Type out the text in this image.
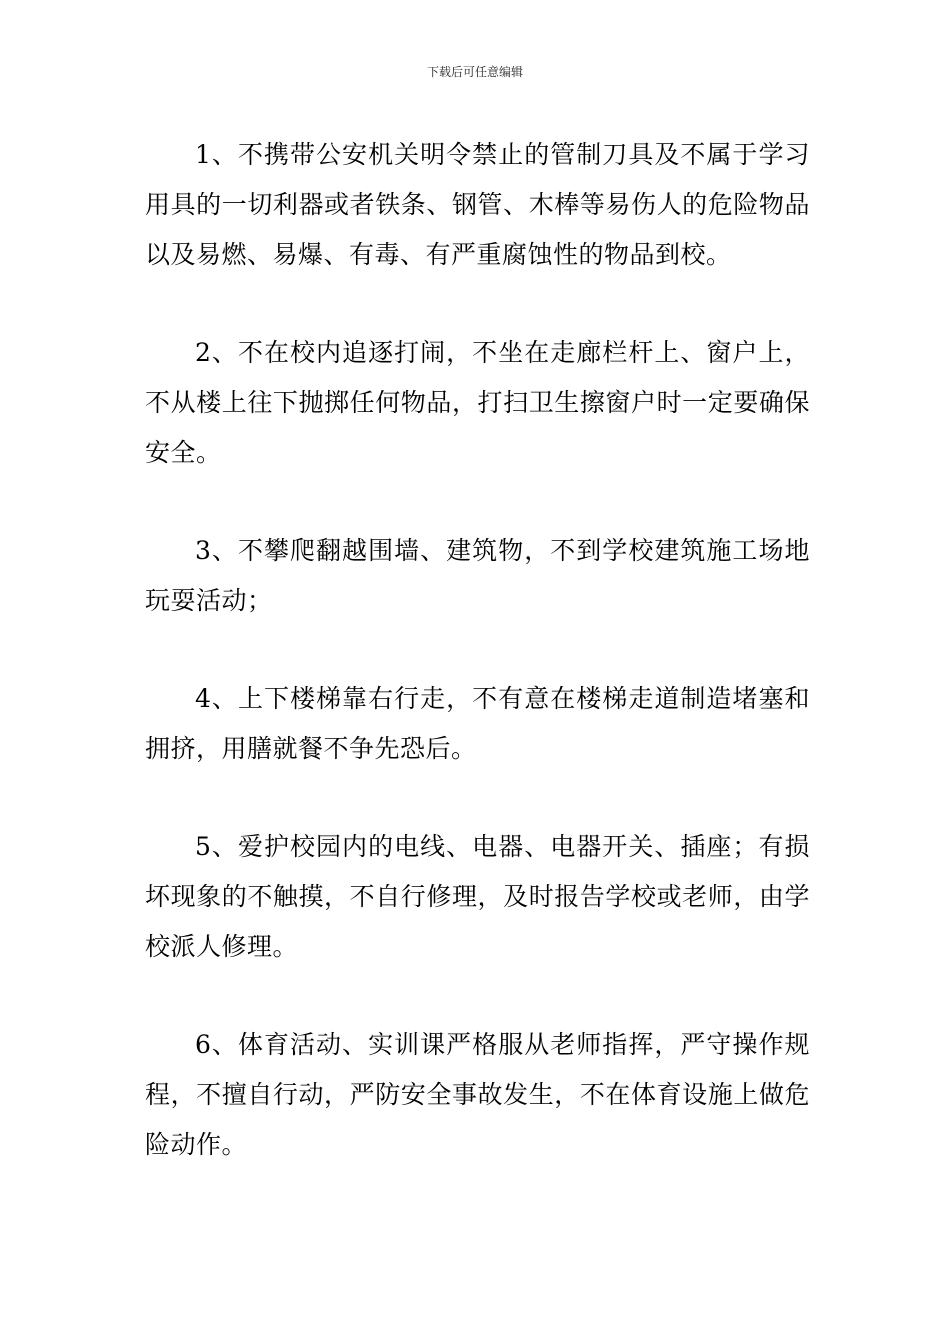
下载后可任意编辑

1、不携带公安机关明令禁止的管制刀具及不属于学习用具的一切利器或者铁条、钢管、木棒等易伤人的危险物品以及易燃、易爆、有毒、有严重腐蚀性的物品到校。

2、不在校内追逐打闹，不坐在走廊栏杆上、窗户上，不从楼上往下抛掷任何物品，打扫卫生擦窗户时一定要确保安全。

3、不攀爬翻越围墙、建筑物，不到学校建筑施工场地玩耍活动；

4、上下楼梯靠右行走，不有意在楼梯走道制造堵塞和拥挤，用膳就餐不争先恐后。

5、爱护校园内的电线、电器、电器开关、插座；有损坏现象的不触摸，不自行修理，及时报告学校或老师，由学校派人修理。

6、体育活动、实训课严格服从老师指挥，严守操作规程，不擅自行动，严防安全事故发生，不在体育设施上做危险动作。
